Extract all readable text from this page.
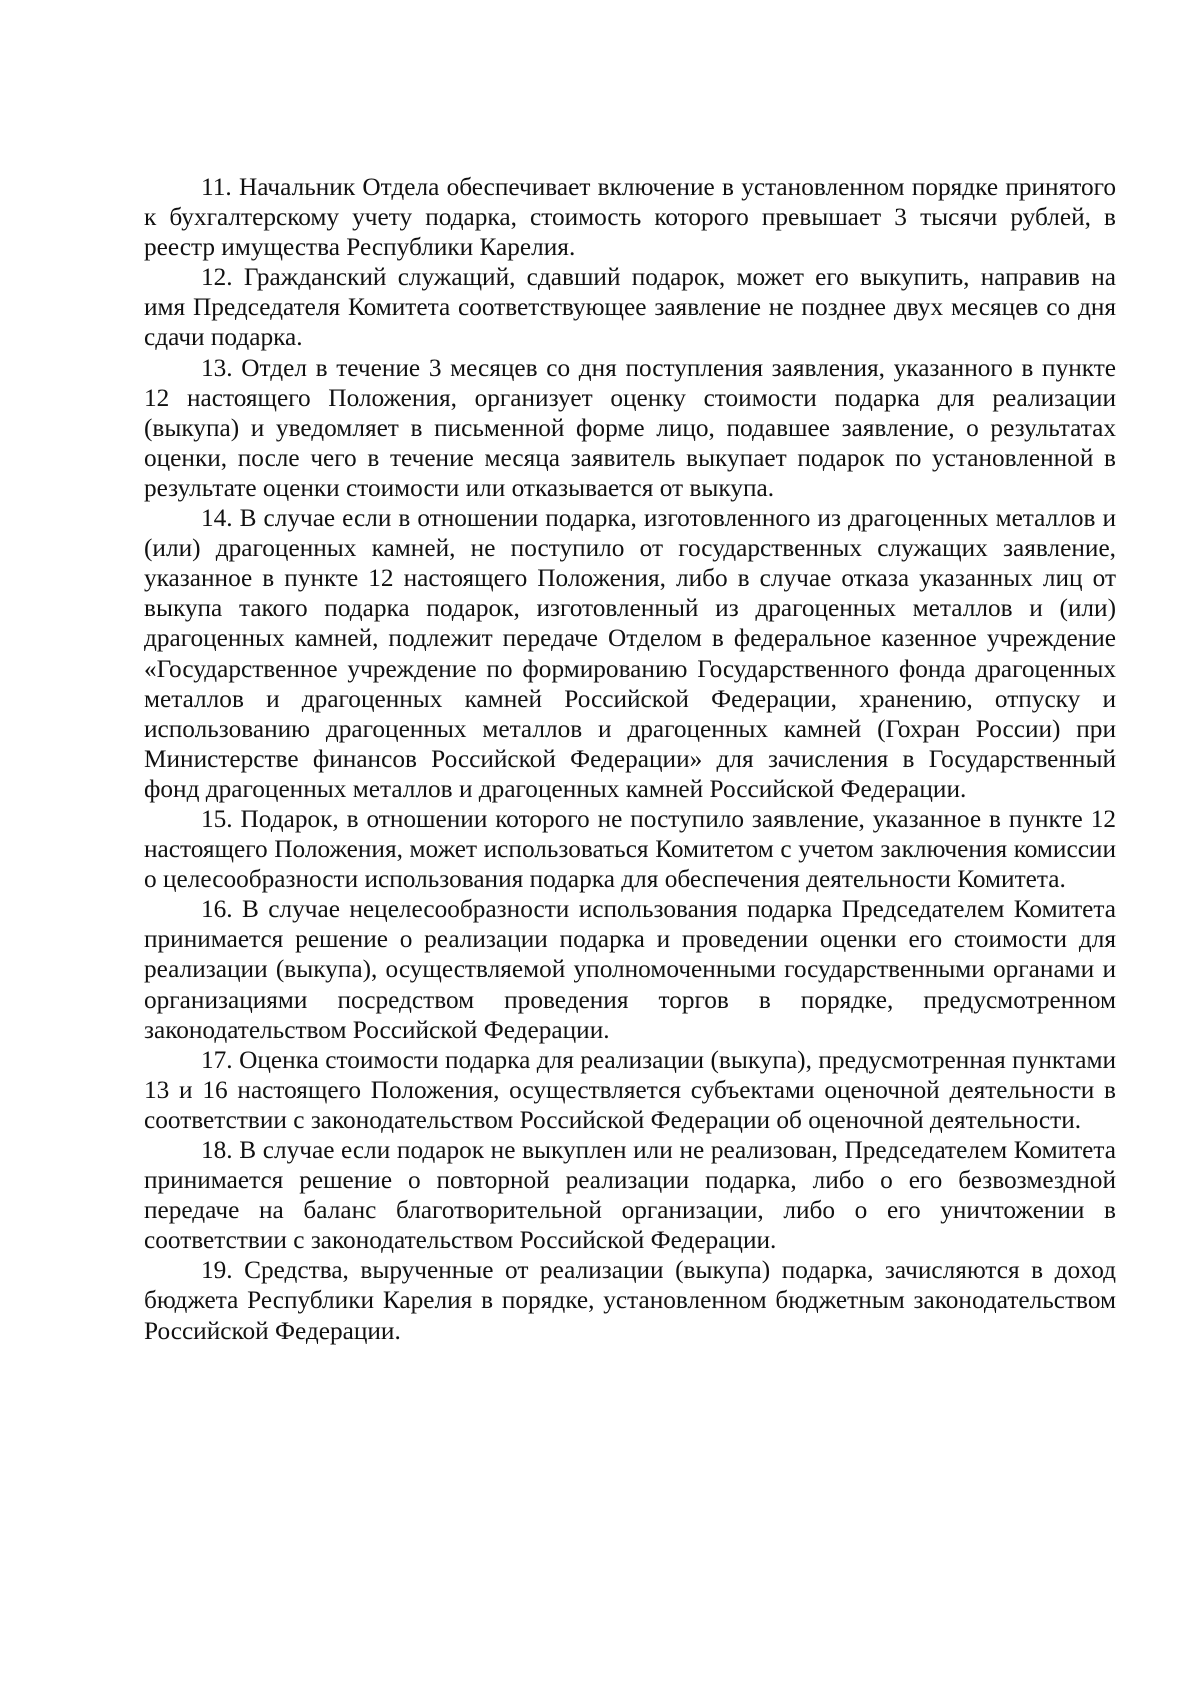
11. Начальник Отдела обеспечивает включение в установленном порядке принятого к бухгалтерскому учету подарка, стоимость которого превышает 3 тысячи рублей, в реестр имущества Республики Карелия.

12. Гражданский служащий, сдавший подарок, может его выкупить, направив на имя Председателя Комитета соответствующее заявление не позднее двух месяцев со дня сдачи подарка.

13. Отдел в течение 3 месяцев со дня поступления заявления, указанного в пункте 12 настоящего Положения, организует оценку стоимости подарка для реализации (выкупа) и уведомляет в письменной форме лицо, подавшее заявление, о результатах оценки, после чего в течение месяца заявитель выкупает подарок по установленной в результате оценки стоимости или отказывается от выкупа.

14. В случае если в отношении подарка, изготовленного из драгоценных металлов и (или) драгоценных камней, не поступило от государственных служащих заявление, указанное в пункте 12 настоящего Положения, либо в случае отказа указанных лиц от выкупа такого подарка подарок, изготовленный из драгоценных металлов и (или) драгоценных камней, подлежит передаче Отделом в федеральное казенное учреждение «Государственное учреждение по формированию Государственного фонда драгоценных металлов и драгоценных камней Российской Федерации, хранению, отпуску и использованию драгоценных металлов и драгоценных камней (Гохран России) при Министерстве финансов Российской Федерации» для зачисления в Государственный фонд драгоценных металлов и драгоценных камней Российской Федерации.

15. Подарок, в отношении которого не поступило заявление, указанное в пункте 12 настоящего Положения, может использоваться Комитетом с учетом заключения комиссии о целесообразности использования подарка для обеспечения деятельности Комитета.

16. В случае нецелесообразности использования подарка Председателем Комитета принимается решение о реализации подарка и проведении оценки его стоимости для реализации (выкупа), осуществляемой уполномоченными государственными органами и организациями посредством проведения торгов в порядке, предусмотренном законодательством Российской Федерации.

17. Оценка стоимости подарка для реализации (выкупа), предусмотренная пунктами 13 и 16 настоящего Положения, осуществляется субъектами оценочной деятельности в соответствии с законодательством Российской Федерации об оценочной деятельности.

18. В случае если подарок не выкуплен или не реализован, Председателем Комитета принимается решение о повторной реализации подарка, либо о его безвозмездной передаче на баланс благотворительной организации, либо о его уничтожении в соответствии с законодательством Российской Федерации.

19. Средства, вырученные от реализации (выкупа) подарка, зачисляются в доход бюджета Республики Карелия в порядке, установленном бюджетным законодательством Российской Федерации.
